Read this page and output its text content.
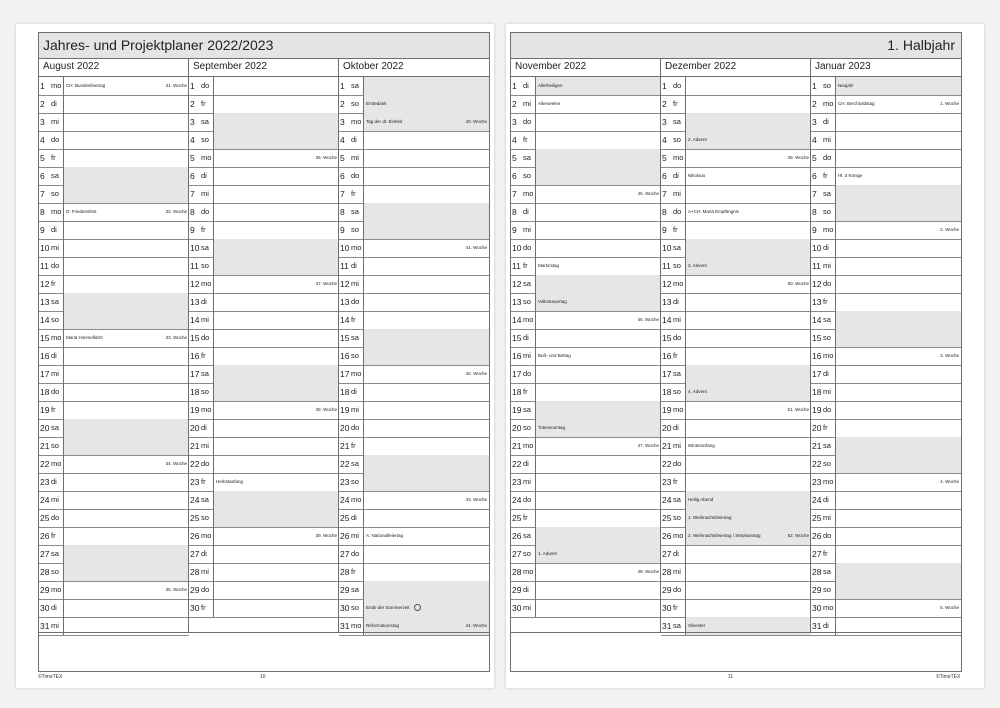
Jahres- und Projektplaner 2022/2023
August 2022
1 mo CH: Bundesfeiertag	31. Woche
2 di
3 mi
4 do
5 fr
6 sa
7 so
8 mo D: Friedensfest	32. Woche
9 di
10 mi
11 do
12 fr
13 sa
14 so
15 mo Mariä Himmelfahrt	33. Woche
16 di
17 mi
18 do
19 fr
20 sa
21 so
22 mo	34. Woche
23 di
24 mi
25 do
26 fr
27 sa
28 so
29 mo	35. Woche
30 di
31 mi
September 2022
1 do
2 fr
3 sa
4 so
5 mo	36. Woche
6 di
7 mi
8 do
9 fr
10 sa
11 so
12 mo	37. Woche
13 di
14 mi
15 do
16 fr
17 sa
18 so
19 mo	38. Woche
20 di
21 mi
22 do
23 fr	Herbstanfang
24 sa
25 so
26 mo	39. Woche
27 di
28 mi
29 do
30 fr
Oktober 2022
1 sa
2 so	Erntedank
3 mo Tag der dt. Einheit	40. Woche
4 di
5 mi
6 do
7 fr
8 sa
9 so
10 mo	41. Woche
11 di
12 mi
13 do
14 fr
15 sa
16 so
17 mo	42. Woche
18 di
19 mi
20 do
21 fr
22 sa
23 so
24 mo	43. Woche
25 di
26 mi	A: Nationalfeiertag
27 do
28 fr
29 sa
30 so	Ende der Sommerzeit
31 mo Reformationstag	44. Woche
©TimeTEX	10
1. Halbjahr
November 2022
1 di	Allerheiligen
2 mi	Allerseelen
3 do
4 fr
5 sa
6 so
7 mo	45. Woche
8 di
9 mi
10 do
11 fr	Martinstag
12 sa
13 so	Volkstrauertag
14 mo	46. Woche
15 di
16 mi	Buß- und Bettag
17 do
18 fr
19 sa
20 so	Totensonntag
21 mo	47. Woche
22 di
23 mi
24 do
25 fr
26 sa
27 so	1. Advent
28 mo	48. Woche
29 di
30 mi
Dezember 2022
1 do
2 fr
3 sa
4 so	2. Advent
5 mo	49. Woche
6 di	Nikolaus
7 mi
8 do	A+CH: Mariä Empfängnis
9 fr
10 sa
11 so	3. Advent
12 mo	50. Woche
13 di
14 mi
15 do
16 fr
17 sa
18 so	4. Advent
19 mo	51. Woche
20 di
21 mi	Winteranfang
22 do
23 fr
24 sa	Heilig Abend
25 so	1. Weihnachtsfeiertag
26 mo 2. Weihnachtsfeiertag / Stephanstag	52. Woche
27 di
28 mi
29 do
30 fr
31 sa	Silvester
Januar 2023
1 so	Neujahr
2 mo CH: Berchtoldstag	1. Woche
3 di
4 mi
5 do
6 fr	Hl. 3 Könige
7 sa
8 so
9 mo	2. Woche
10 di
11 mi
12 do
13 fr
14 sa
15 so
16 mo	3. Woche
17 di
18 mi
19 do
20 fr
21 sa
22 so
23 mo	4. Woche
24 di
25 mi
26 do
27 fr
28 sa
29 so
30 mo	5. Woche
31 di
11	©TimeTEX
